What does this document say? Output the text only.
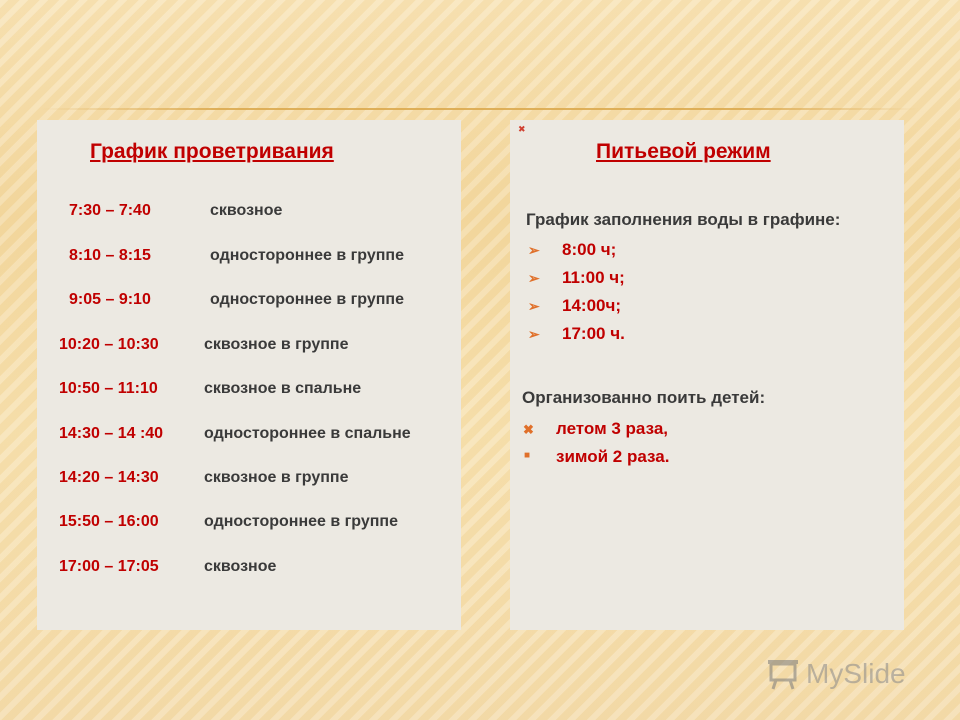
График проветривания
7:30 – 7:40	сквозное
8:10 – 8:15	одностороннее в группе
9:05 – 9:10	одностороннее в группе
10:20 – 10:30	сквозное в группе
10:50 – 11:10	сквозное в спальне
14:30 – 14 :40	одностороннее в спальне
14:20 – 14:30	сквозное в группе
15:50 – 16:00	одностороннее в группе
17:00 – 17:05	сквозное
✖
Питьевой режим
График заполнения воды в графине:
➢ 8:00 ч;
➢ 11:00 ч;
➢ 14:00ч;
➢ 17:00 ч.
Организованно поить детей:
✖ летом 3 раза,
■ зимой 2 раза.
MySlide
